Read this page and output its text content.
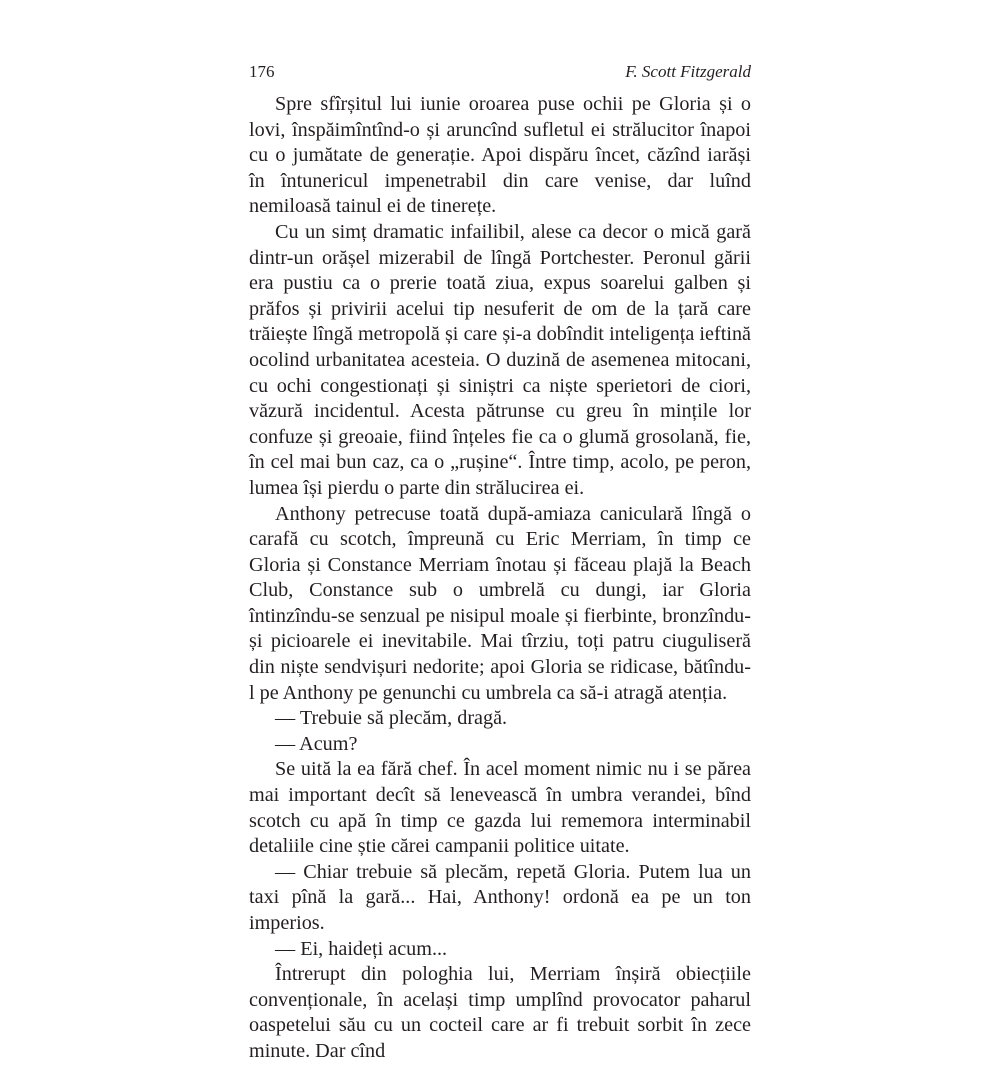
176	F. Scott Fitzgerald

Spre sfîrșitul lui iunie oroarea puse ochii pe Gloria și o lovi, înspăimîntînd-o și aruncînd sufletul ei strălucitor înapoi cu o jumătate de generație. Apoi dispăru încet, căzînd iarăși în întunericul impenetrabil din care venise, dar luînd nemiloasă tainul ei de tinerețe.

Cu un simț dramatic infailibil, alese ca decor o mică gară dintr-un orășel mizerabil de lîngă Portchester. Peronul gării era pustiu ca o prerie toată ziua, expus soarelui galben și prăfos și privirii acelui tip nesuferit de om de la țară care trăiește lîngă metropolă și care și-a dobîndit inteligența ieftină ocolind urbanitatea acesteia. O duzină de asemenea mitocani, cu ochi congestionați și siniștri ca niște sperietori de ciori, văzură incidentul. Acesta pătrunse cu greu în mințile lor confuze și greoaie, fiind înțeles fie ca o glumă grosolană, fie, în cel mai bun caz, ca o „rușine“. Între timp, acolo, pe peron, lumea își pierdu o parte din strălucirea ei.

Anthony petrecuse toată după-amiaza caniculară lîngă o carafă cu scotch, împreună cu Eric Merriam, în timp ce Gloria și Constance Merriam înotau și făceau plajă la Beach Club, Constance sub o umbrelă cu dungi, iar Gloria întinzîndu-se senzual pe nisipul moale și fierbinte, bronzîndu-și picioarele ei inevitabile. Mai tîrziu, toți patru ciuguliseră din niște sendvișuri nedorite; apoi Gloria se ridicase, bătîndu-l pe Anthony pe genunchi cu umbrela ca să-i atragă atenția.

— Trebuie să plecăm, dragă.

— Acum?

Se uită la ea fără chef. În acel moment nimic nu i se părea mai important decît să lenevească în umbra verandei, bînd scotch cu apă în timp ce gazda lui rememora interminabil detaliile cine știe cărei campanii politice uitate.

— Chiar trebuie să plecăm, repetă Gloria. Putem lua un taxi pînă la gară... Hai, Anthony! ordonă ea pe un ton imperios.

— Ei, haideți acum...

Întrerupt din pologhia lui, Merriam înșiră obiecțiile convenționale, în același timp umplînd provocator paharul oaspetelui său cu un cocteil care ar fi trebuit sorbit în zece minute. Dar cînd
